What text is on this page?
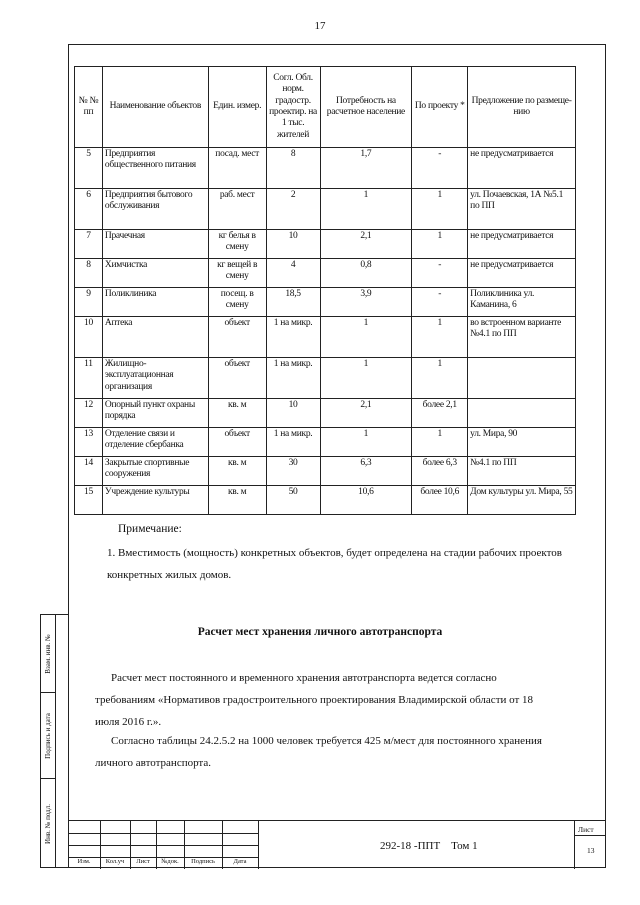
17
Взам. инв. №
Подпись и дата
Инв. № подл.
№ № пп	Наименование объектов	Един. измер.	Согл. Обл. норм. градостр. проектир. на 1 тыс. жителей	Потребность на расчетное население	По проекту *	Предложение по размеще- нию
5	Предприятия общественного питания	посад. мест	8	1,7	-	не предусматривается
6	Предприятия бытового обслуживания	раб. мест	2	1	1	ул. Почаевская, 1А №5.1 по ПП
7	Прачечная	кг белья в смену	10	2,1	1	не предусматривается
8	Химчистка	кг вещей в смену	4	0,8	-	не предусматривается
9	Поликлиника	посещ. в смену	18,5	3,9	-	Поликлиника ул. Каманина, 6
10	Аптека	объект	1 на микр.	1	1	во встроенном варианте №4.1 по ПП
11	Жилищно-эксплуатационная организация	объект	1 на микр.	1	1	
12	Опорный пункт охраны порядка	кв. м	10	2,1	более 2,1	
13	Отделение связи и отделение сбербанка	объект	1 на микр.	1	1	ул. Мира, 90
14	Закрытые спортивные сооружения	кв. м	30	6,3	более 6,3	№4.1 по ПП
15	Учреждение культуры	кв. м	50	10,6	более 10,6	Дом культуры ул. Мира, 55
Примечание:
1. Вместимость (мощность) конкретных объектов, будет определена на стадии рабочих проектов конкретных жилых домов.
Расчет мест хранения личного автотранспорта
Расчет мест постоянного и временного хранения автотранспорта ведется согласно требованиям «Нормативов градостроительного проектирования Владимирской области от 18 июля 2016 г.».
Согласно таблицы 24.2.5.2 на 1000 человек требуется 425 м/мест для постоянного хранения личного автотранспорта.
Изм.	Кол.уч	Лист	№док.	Подпись	Дата
292-18 -ППТ    Том 1
Лист
13
